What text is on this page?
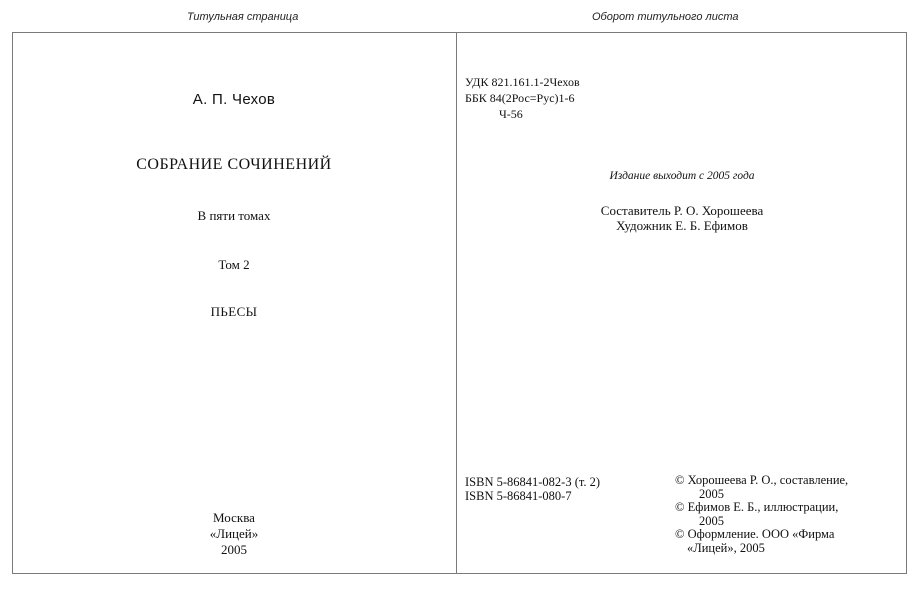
Титульная страница	Оборот титульного листа
А. П. Чехов
СОБРАНИЕ СОЧИНЕНИЙ
В пяти томах
Том 2
ПЬЕСЫ
Москва
«Лицей»
2005
УДК 821.161.1-2Чехов
ББК 84(2Рос=Рус)1-6
Ч-56
Издание выходит с 2005 года
Составитель Р. О. Хорошеева
Художник Е. Б. Ефимов
ISBN 5-86841-082-3 (т. 2)
ISBN 5-86841-080-7
© Хорошеева Р. О., составление,
2005
© Ефимов Е. Б., иллюстрации,
2005
© Оформление. ООО «Фирма
«Лицей», 2005
